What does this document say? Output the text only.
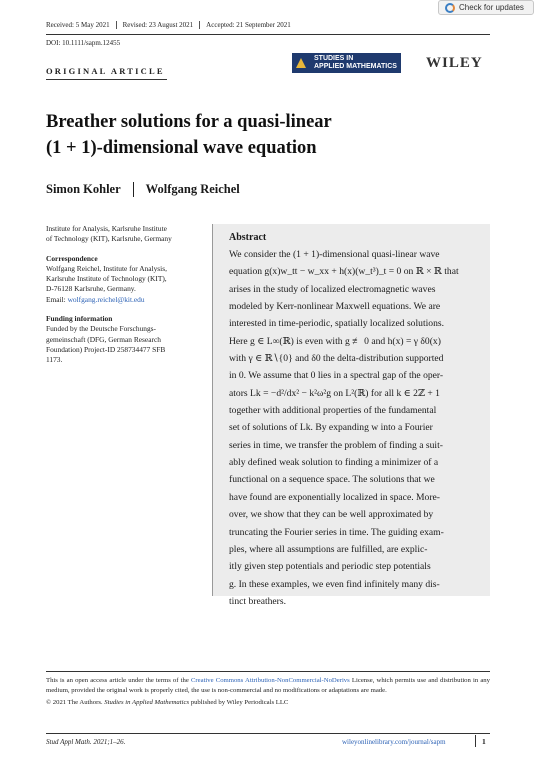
Check for updates
Received: 5 May 2021	Revised: 23 August 2021	Accepted: 21 September 2021
DOI: 10.1111/sapm.12455
ORIGINAL ARTICLE
STUDIES IN
APPLIED MATHEMATICS WILEY
Breather solutions for a quasi-linear
(1 + 1)-dimensional wave equation
Simon Kohler Wolfgang Reichel
Institute for Analysis, Karlsruhe Institute
of Technology (KIT), Karlsruhe, Germany
Correspondence
Wolfgang Reichel, Institute for Analysis,
Karlsruhe Institute of Technology (KIT),
D-76128 Karlsruhe, Germany.
Email: wolfgang.reichel@kit.edu
Funding information
Funded by the Deutsche Forschungs-
gemeinschaft (DFG, German Research
Foundation) Project-ID 258734477 SFB
1173.
Abstract
We consider the (1 + 1)-dimensional quasi-linear wave
equation g(x)w_tt − w_xx + h(x)(w_t³)_t = 0 on ℝ × ℝ that
arises in the study of localized electromagnetic waves
modeled by Kerr-nonlinear Maxwell equations. We are
interested in time-periodic, spatially localized solutions.
Here g ∈ L∞(ℝ) is even with g ≢ 0 and h(x) = γ δ0(x)
with γ ∈ ℝ∖{0} and δ0 the delta-distribution supported
in 0. We assume that 0 lies in a spectral gap of the oper-
ators Lk = −d²/dx² − k²ω²g on L²(ℝ) for all k ∈ 2ℤ + 1
together with additional properties of the fundamental
set of solutions of Lk. By expanding w into a Fourier
series in time, we transfer the problem of finding a suit-
ably defined weak solution to finding a minimizer of a
functional on a sequence space. The solutions that we
have found are exponentially localized in space. More-
over, we show that they can be well approximated by
truncating the Fourier series in time. The guiding exam-
ples, where all assumptions are fulfilled, are explic-
itly given step potentials and periodic step potentials
g. In these examples, we even find infinitely many dis-
tinct breathers.
This is an open access article under the terms of the Creative Commons Attribution-NonCommercial-NoDerivs License, which permits use and distribution in any medium, provided the original work is properly cited, the use is non-commercial and no modifications or adaptations are made.
© 2021 The Authors. Studies in Applied Mathematics published by Wiley Periodicals LLC
Stud Appl Math. 2021;1–26.	wileyonlinelibrary.com/journal/sapm	1
